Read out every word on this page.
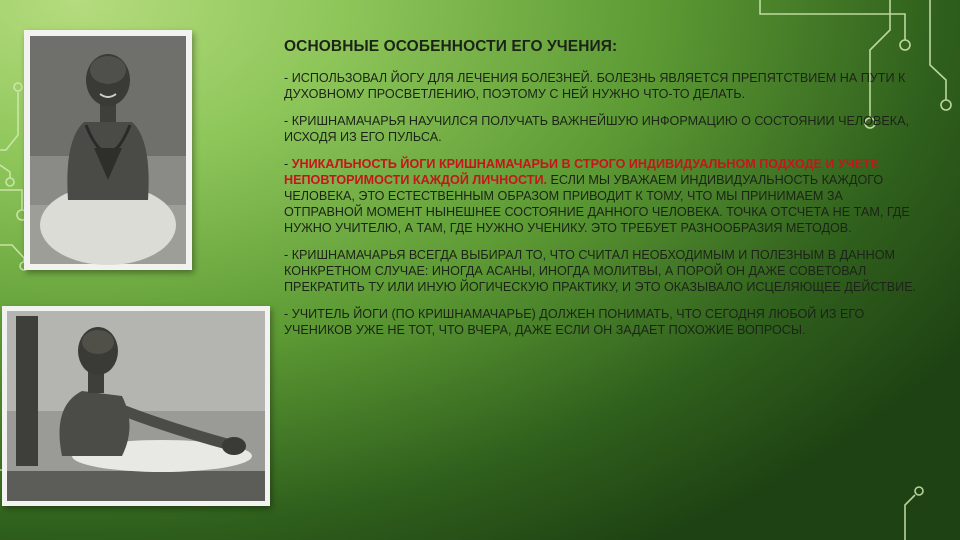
ОСНОВНЫЕ ОСОБЕННОСТИ ЕГО УЧЕНИЯ:

- ИСПОЛЬЗОВАЛ ЙОГУ ДЛЯ ЛЕЧЕНИЯ БОЛЕЗНЕЙ. БОЛЕЗНЬ ЯВЛЯЕТСЯ ПРЕПЯТСТВИЕМ НА ПУТИ К ДУХОВНОМУ ПРОСВЕТЛЕНИЮ, ПОЭТОМУ С НЕЙ НУЖНО ЧТО-ТО ДЕЛАТЬ.

- КРИШНАМАЧАРЬЯ НАУЧИЛСЯ ПОЛУЧАТЬ ВАЖНЕЙШУЮ ИНФОРМАЦИЮ О СОСТОЯНИИ ЧЕЛОВЕКА, ИСХОДЯ ИЗ ЕГО ПУЛЬСА.

- УНИКАЛЬНОСТЬ ЙОГИ КРИШНАМАЧАРЬИ В СТРОГО ИНДИВИДУАЛЬНОМ ПОДХОДЕ И УЧЕТЕ НЕПОВТОРИМОСТИ КАЖДОЙ ЛИЧНОСТИ. ЕСЛИ МЫ УВАЖАЕМ ИНДИВИДУАЛЬНОСТЬ КАЖДОГО ЧЕЛОВЕКА, ЭТО ЕСТЕСТВЕННЫМ ОБРАЗОМ ПРИВОДИТ К ТОМУ, ЧТО МЫ ПРИНИМАЕМ ЗА ОТПРАВНОЙ МОМЕНТ НЫНЕШНЕЕ СОСТОЯНИЕ ДАННОГО ЧЕЛОВЕКА. ТОЧКА ОТСЧЕТА НЕ ТАМ, ГДЕ НУЖНО УЧИТЕЛЮ, А ТАМ, ГДЕ НУЖНО УЧЕНИКУ. ЭТО ТРЕБУЕТ РАЗНООБРАЗИЯ МЕТОДОВ.

- КРИШНАМАЧАРЬЯ ВСЕГДА ВЫБИРАЛ ТО, ЧТО СЧИТАЛ НЕОБХОДИМЫМ И ПОЛЕЗНЫМ В ДАННОМ КОНКРЕТНОМ СЛУЧАЕ: ИНОГДА АСАНЫ, ИНОГДА МОЛИТВЫ, А ПОРОЙ ОН ДАЖЕ СОВЕТОВАЛ ПРЕКРАТИТЬ ТУ ИЛИ ИНУЮ ЙОГИЧЕСКУЮ ПРАКТИКУ, И ЭТО ОКАЗЫВАЛО ИСЦЕЛЯЮЩЕЕ ДЕЙСТВИЕ.

- УЧИТЕЛЬ ЙОГИ (ПО КРИШНАМАЧАРЬЕ) ДОЛЖЕН ПОНИМАТЬ, ЧТО СЕГОДНЯ ЛЮБОЙ ИЗ ЕГО УЧЕНИКОВ УЖЕ НЕ ТОТ, ЧТО ВЧЕРА, ДАЖЕ ЕСЛИ ОН ЗАДАЕТ ПОХОЖИЕ ВОПРОСЫ.
